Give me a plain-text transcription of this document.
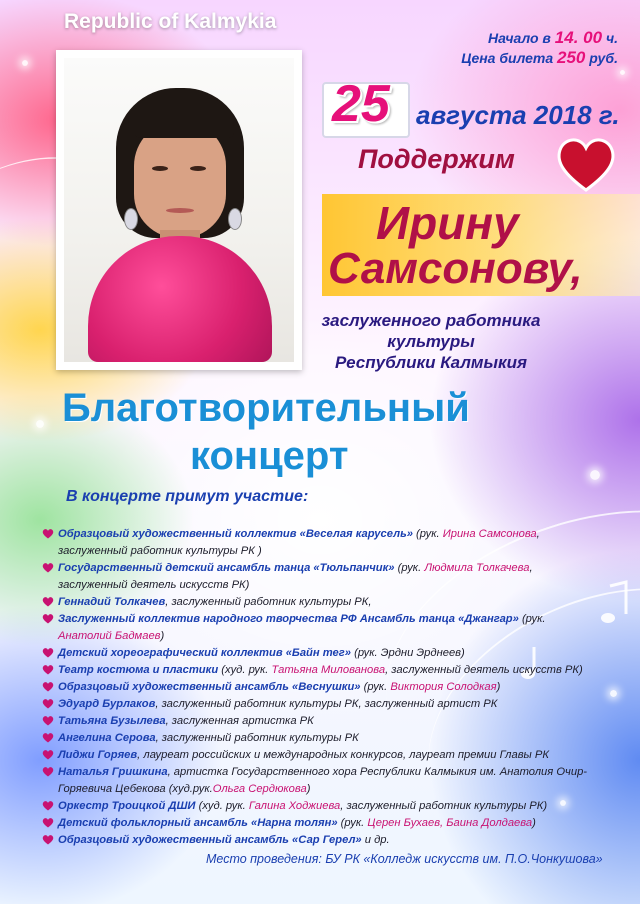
Republic of Kalmykia
Начало в 14. 00 ч.
Цена билета 250 руб.
25 августа 2018 г.
Поддержим
Ирину
Самсонову,
заслуженного работника
культуры
Республики Калмыкия
Благотворительный
концерт
В концерте примут участие:
Образцовый художественный коллектив «Веселая карусель» (рук. Ирина Самсонова, заслуженный работник культуры РК )
Государственный детский ансамбль танца «Тюльпанчик» (рук. Людмила Толкачева, заслуженный деятель искусств РК)
Геннадий Толкачев, заслуженный работник культуры РК,
Заслуженный коллектив народного творчества РФ Ансамбль танца «Джангар» (рук. Анатолий Бадмаев)
Детский хореографический коллектив «Байн тег» (рук. Эрдни Эрднеев)
Театр костюма и пластики (худ. рук. Татьяна Милованова, заслуженный деятель искусств РК)
Образцовый художественный ансамбль «Веснушки» (рук. Виктория Солодкая)
Эдуард Бурлаков, заслуженный работник культуры РК, заслуженный артист РК
Татьяна Бузылева, заслуженная артистка РК
Ангелина Серова, заслуженный работник культуры РК
Лиджи Горяев, лауреат российских и международных конкурсов, лауреат премии Главы РК
Наталья Гришкина, артистка Государственного хора Республики Калмыкия им. Анатолия Очир-Горяевича Цебекова (худ.рук.Ольга Сердюкова)
Оркестр Троицкой ДШИ (худ. рук. Галина Ходжиева, заслуженный работник культуры РК)
Детский фольклорный ансамбль «Нарна толян» (рук. Церен Бухаев, Баина Долдаева)
Образцовый художественный ансамбль «Сар Герел» и др.
Место проведения: БУ РК «Колледж искусств им. П.О.Чонкушова»
